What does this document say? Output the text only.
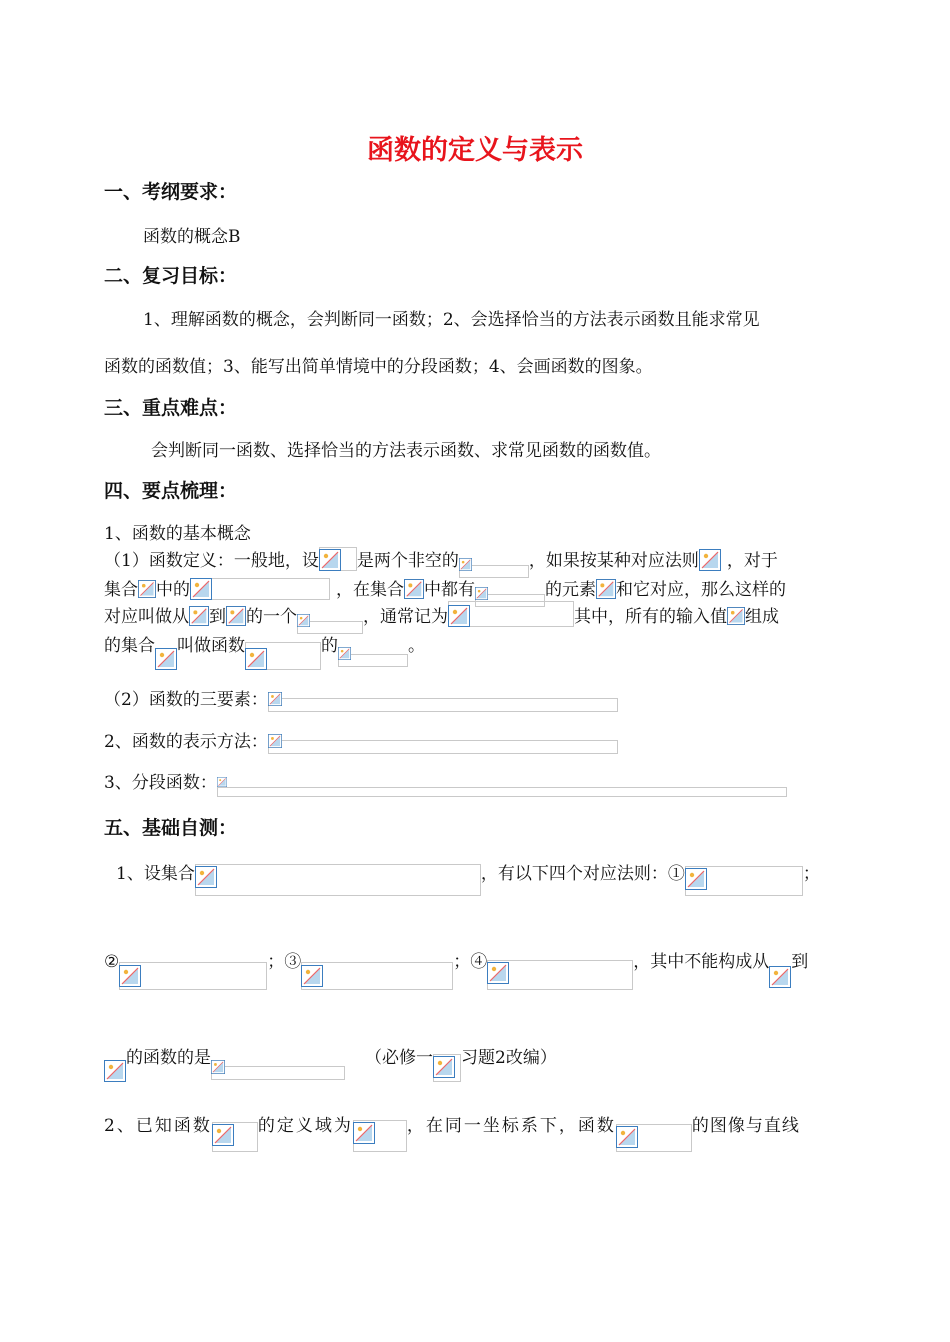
函数的定义与表示
一、考纲要求：
函数的概念B
二、复习目标：
1、理解函数的概念，会判断同一函数；2、会选择恰当的方法表示函数且能求常见
函数的函数值；3、能写出简单情境中的分段函数；4、会画函数的图象。
三、重点难点：
会判断同一函数、选择恰当的方法表示函数、求常见函数的函数值。
四、要点梳理：
1、函数的基本概念
（1）函数定义：一般地，设 是两个非空的	，如果按某种对应法则 ，对于
集合 中的	，在集合 中都有	的元素 和它对应，那么这样的
对应叫做从 到 的一个	，通常记为	其中，所有的输入值 组成
的集合 叫做函数	的	。
（2）函数的三要素：
2、函数的表示方法：
3、分段函数：
五、基础自测：
1、设集合	，有以下四个对应法则：①	；
②	；③	；④	，其中不能构成从 到
的函数的是	（必修一 习题2改编）
2、已知函数	的定义域为	，在同一坐标系下，函数	的图像与直线
